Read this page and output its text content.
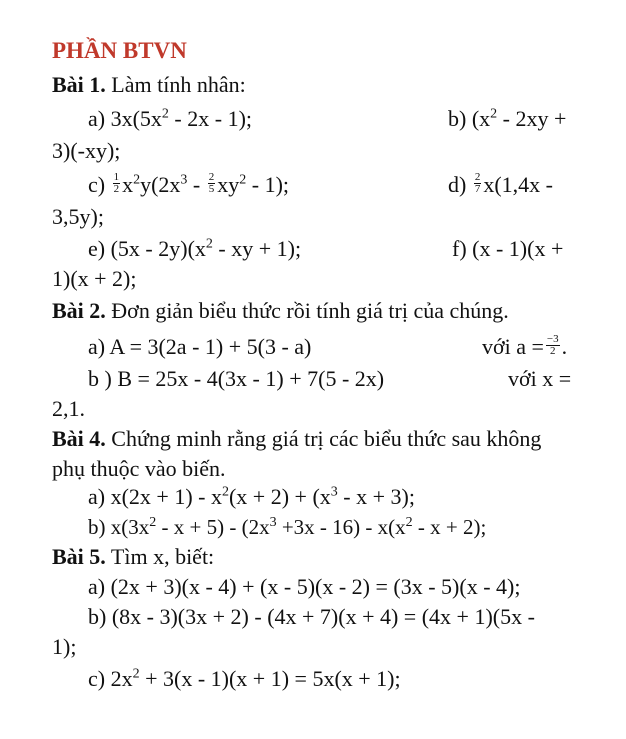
PHẦN BTVN
Bài 1. Làm tính nhân:
a) $3x(5x^2 - 2x - 1)$;	b) ($x^2 - 2xy$ +
3)(-xy);
$c) \frac{1}{2} x^2y(2x^3 - \frac{2}{5} xy^2 - 1)$;	$d) \frac{2}{7} x(1,4x$ -
3,5y);
e) $(5x - 2y)(x^2$ - xy + 1);	f) (x - 1)(x +
1)(x + 2);
Bài 2. Đơn giản biểu thức rồi tính giá trị của chúng.
a) A = 3(2a - 1) + 5(3 - a)	với $a = \frac{-3}{2}$ .
b ) B = 25x - 4(3x - 1) + 7(5 - 2x)	với x =
2,1.
Bài 4. Chứng minh rằng giá trị các biểu thức sau không
phụ thuộc vào biến.
a) $x(2x + 1) - x^2(x + 2) + (x^3 - x + 3)$;
b) $x(3x^2 - x + 5) - (2x^3 +3x - 16) - x(x^2 - x + 2)$;
Bài 5. Tìm x, biết:
a) (2x + 3)(x - 4) + (x - 5)(x - 2) = (3x - 5)(x - 4);
b) (8x - 3)(3x + 2) - (4x + 7)(x + 4) = (4x + 1)(5x -
1);
c) $2x^2 + 3(x - 1)(x + 1) = 5x(x + 1)$;
